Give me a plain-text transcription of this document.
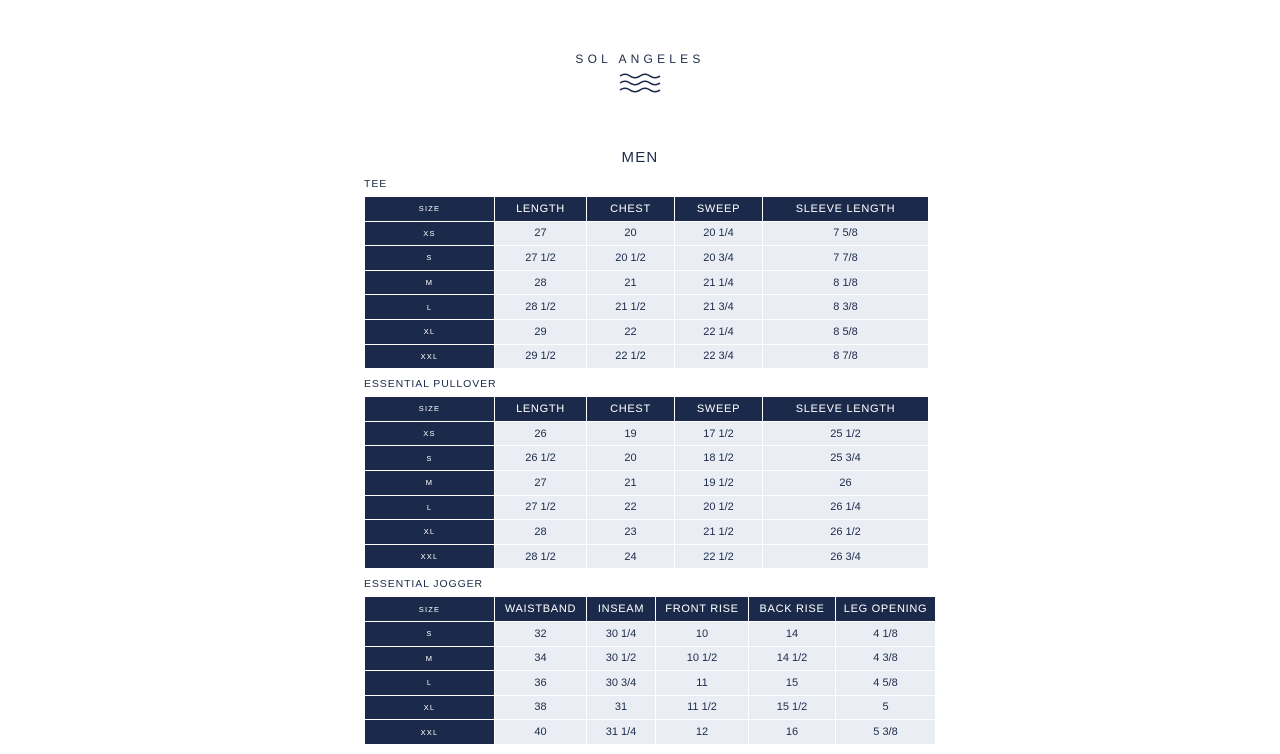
SOL ANGELES
MEN
TEE
SIZE	LENGTH	CHEST	SWEEP	SLEEVE LENGTH
XS	27	20	20 1/4	7 5/8
S	27 1/2	20 1/2	20 3/4	7 7/8
M	28	21	21 1/4	8 1/8
L	28 1/2	21 1/2	21 3/4	8 3/8
XL	29	22	22 1/4	8 5/8
XXL	29 1/2	22 1/2	22 3/4	8 7/8
ESSENTIAL PULLOVER
SIZE	LENGTH	CHEST	SWEEP	SLEEVE LENGTH
XS	26	19	17 1/2	25 1/2
S	26 1/2	20	18 1/2	25 3/4
M	27	21	19 1/2	26
L	27 1/2	22	20 1/2	26 1/4
XL	28	23	21 1/2	26 1/2
XXL	28 1/2	24	22 1/2	26 3/4
ESSENTIAL JOGGER
SIZE	WAISTBAND	INSEAM	FRONT RISE	BACK RISE	LEG OPENING
S	32	30 1/4	10	14	4 1/8
M	34	30 1/2	10 1/2	14 1/2	4 3/8
L	36	30 3/4	11	15	4 5/8
XL	38	31	11 1/2	15 1/2	5
XXL	40	31 1/4	12	16	5 3/8
